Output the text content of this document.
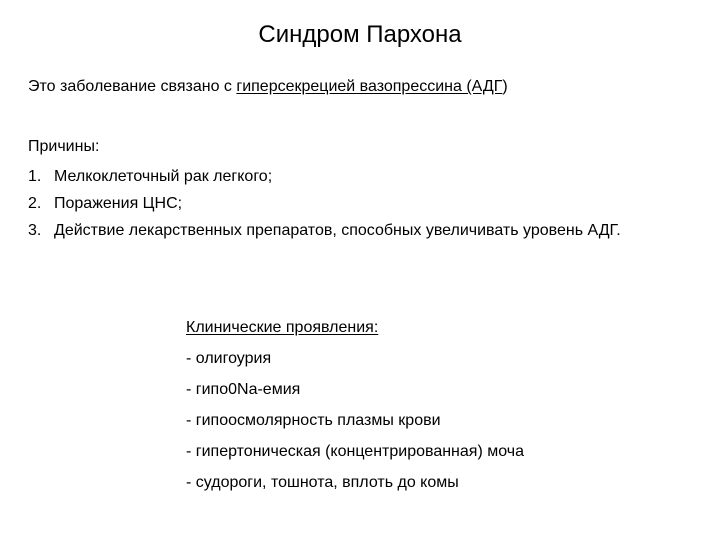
Синдром Пархона
Это заболевание связано с гиперсекрецией вазопрессина (АДГ)
Причины:
1. Мелкоклеточный рак легкого;
2. Поражения ЦНС;
3. Действие лекарственных препаратов, способных увеличивать уровень АДГ.
Клинические проявления:
- олигоурия
- гипо0Na-емия
- гипоосмолярность плазмы крови
- гипертоническая (концентрированная) моча
- судороги, тошнота, вплоть до комы
